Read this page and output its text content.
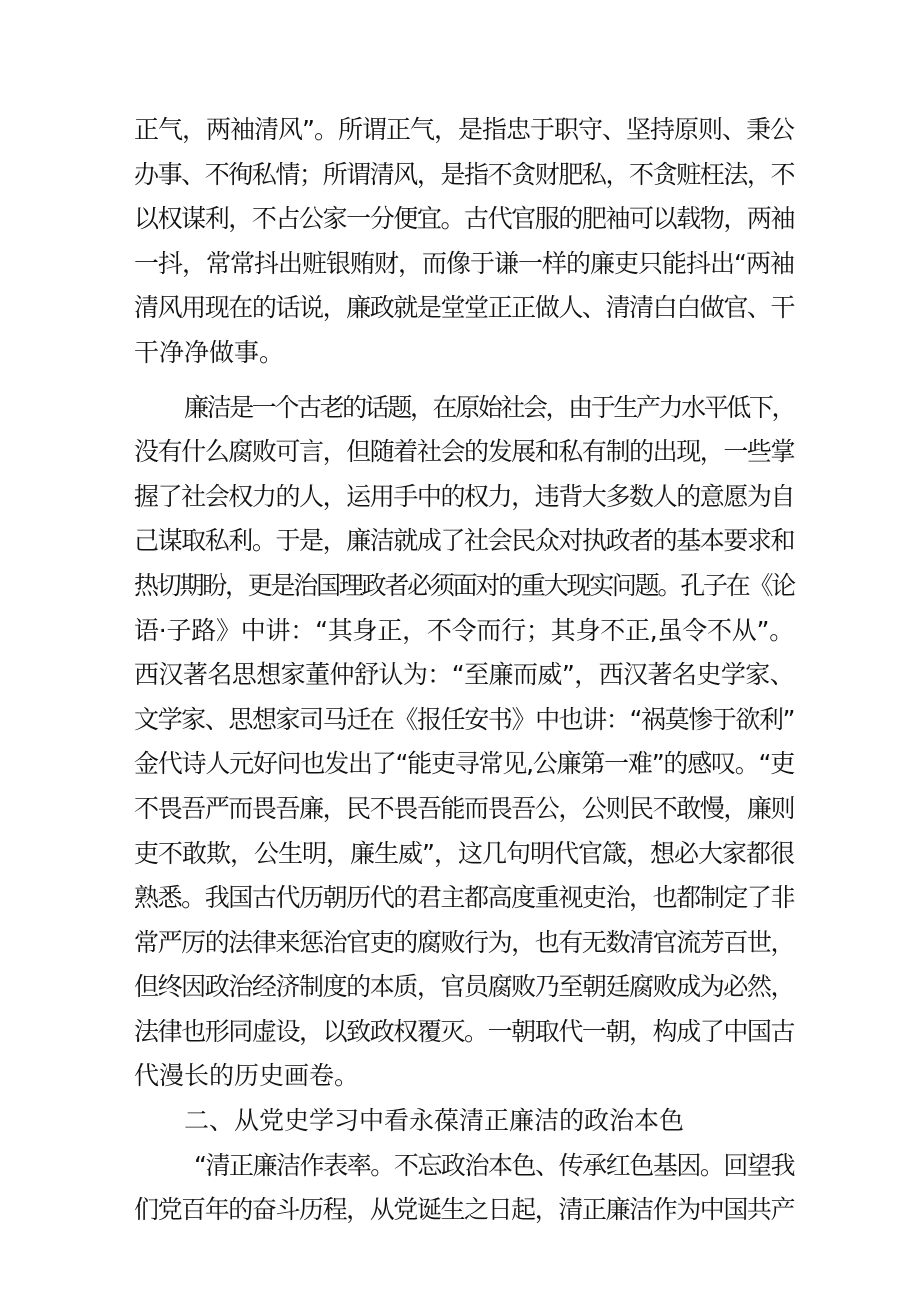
正气，两袖清风”。所谓正气，是指忠于职守、坚持原则、秉公
办事、不徇私情；所谓清风，是指不贪财肥私，不贪赃枉法，不
以权谋利，不占公家一分便宜。古代官服的肥袖可以载物，两袖
一抖，常常抖出赃银贿财，而像于谦一样的廉吏只能抖出“两袖
清风用现在的话说，廉政就是堂堂正正做人、清清白白做官、干
干净净做事。
廉洁是一个古老的话题，在原始社会，由于生产力水平低下，
没有什么腐败可言，但随着社会的发展和私有制的出现，一些掌
握了社会权力的人，运用手中的权力，违背大多数人的意愿为自
己谋取私利。于是，廉洁就成了社会民众对执政者的基本要求和
热切期盼，更是治国理政者必须面对的重大现实问题。孔子在《论
语·子路》中讲：“其身正，不令而行；其身不正,虽令不从”。
西汉著名思想家董仲舒认为：“至廉而威”，西汉著名史学家、
文学家、思想家司马迁在《报任安书》中也讲：“祸莫惨于欲利”
金代诗人元好问也发出了“能吏寻常见,公廉第一难”的感叹。“吏
不畏吾严而畏吾廉，民不畏吾能而畏吾公，公则民不敢慢，廉则
吏不敢欺，公生明，廉生威”，这几句明代官箴，想必大家都很
熟悉。我国古代历朝历代的君主都高度重视吏治，也都制定了非
常严厉的法律来惩治官吏的腐败行为，也有无数清官流芳百世，
但终因政治经济制度的本质，官员腐败乃至朝廷腐败成为必然，
法律也形同虚设，以致政权覆灭。一朝取代一朝，构成了中国古
代漫长的历史画卷。
二、从党史学习中看永葆清正廉洁的政治本色
“清正廉洁作表率。不忘政治本色、传承红色基因。回望我
们党百年的奋斗历程，从党诞生之日起，清正廉洁作为中国共产
